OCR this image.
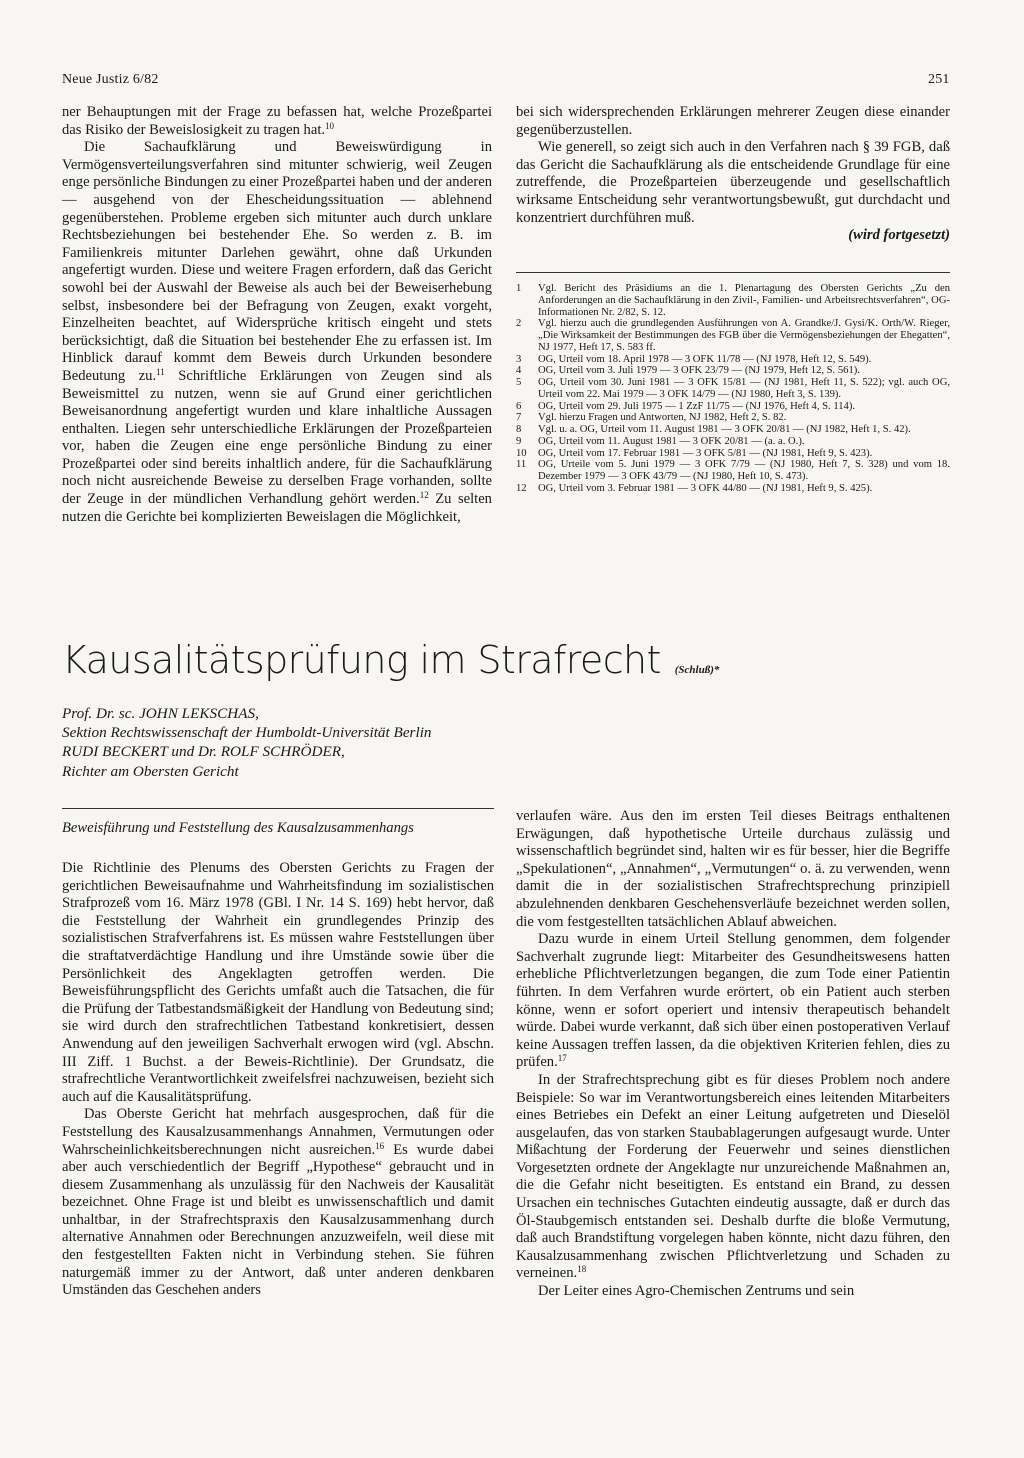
Neue Justiz 6/82	251

ner Behauptungen mit der Frage zu befassen hat, welche Prozeßpartei das Risiko der Beweislosigkeit zu tragen hat.$^{10}$

Die Sachaufklärung und Beweiswürdigung in Vermögensverteilungsverfahren sind mitunter schwierig, weil Zeugen enge persönliche Bindungen zu einer Prozeßpartei haben und der anderen — ausgehend von der Ehescheidungssituation — ablehnend gegenüberstehen. Probleme ergeben sich mitunter auch durch unklare Rechtsbeziehungen bei bestehender Ehe. So werden z. B. im Familienkreis mitunter Darlehen gewährt, ohne daß Urkunden angefertigt wurden. Diese und weitere Fragen erfordern, daß das Gericht sowohl bei der Auswahl der Beweise als auch bei der Beweiserhebung selbst, insbesondere bei der Befragung von Zeugen, exakt vorgeht, Einzelheiten beachtet, auf Widersprüche kritisch eingeht und stets berücksichtigt, daß die Situation bei bestehender Ehe zu erfassen ist. Im Hinblick darauf kommt dem Beweis durch Urkunden besondere Bedeutung zu.$^{11}$ Schriftliche Erklärungen von Zeugen sind als Beweismittel zu nutzen, wenn sie auf Grund einer gerichtlichen Beweisanordnung angefertigt wurden und klare inhaltliche Aussagen enthalten. Liegen sehr unterschiedliche Erklärungen der Prozeßparteien vor, haben die Zeugen eine enge persönliche Bindung zu einer Prozeßpartei oder sind bereits inhaltlich andere, für die Sachaufklärung noch nicht ausreichende Beweise zu derselben Frage vorhanden, sollte der Zeuge in der mündlichen Verhandlung gehört werden.$^{12}$ Zu selten nutzen die Gerichte bei komplizierten Beweislagen die Möglichkeit,

bei sich widersprechenden Erklärungen mehrerer Zeugen diese einander gegenüberzustellen.

Wie generell, so zeigt sich auch in den Verfahren nach § 39 FGB, daß das Gericht die Sachaufklärung als die entscheidende Grundlage für eine zutreffende, die Prozeßparteien überzeugende und gesellschaftlich wirksame Entscheidung sehr verantwortungsbewußt, gut durchdacht und konzentriert durchführen muß.

(wird fortgesetzt)

1	Vgl. Bericht des Präsidiums an die 1. Plenartagung des Obersten Gerichts „Zu den Anforderungen an die Sachaufklärung in den Zivil-, Familien- und Arbeitsrechtsverfahren“, OG-Informationen Nr. 2/82, S. 12.
2	Vgl. hierzu auch die grundlegenden Ausführungen von A. Grandke/J. Gysi/K. Orth/W. Rieger, „Die Wirksamkeit der Bestimmungen des FGB über die Vermögensbeziehungen der Ehegatten“, NJ 1977, Heft 17, S. 583 ff.
3	OG, Urteil vom 18. April 1978 — 3 OFK 11/78 — (NJ 1978, Heft 12, S. 549).
4	OG, Urteil vom 3. Juli 1979 — 3 OFK 23/79 — (NJ 1979, Heft 12, S. 561).
5	OG, Urteil vom 30. Juni 1981 — 3 OFK 15/81 — (NJ 1981, Heft 11, S. 522); vgl. auch OG, Urteil vom 22. Mai 1979 — 3 OFK 14/79 — (NJ 1980, Heft 3, S. 139).
6	OG, Urteil vom 29. Juli 1975 — 1 ZzF 11/75 — (NJ 1976, Heft 4, S. 114).
7	Vgl. hierzu Fragen und Antworten, NJ 1982, Heft 2, S. 82.
8	Vgl. u. a. OG, Urteil vom 11. August 1981 — 3 OFK 20/81 — (NJ 1982, Heft 1, S. 42).
9	OG, Urteil vom 11. August 1981 — 3 OFK 20/81 — (a. a. O.).
10	OG, Urteil vom 17. Februar 1981 — 3 OFK 5/81 — (NJ 1981, Heft 9, S. 423).
11	OG, Urteile vom 5. Juni 1979 — 3 OFK 7/79 — (NJ 1980, Heft 7, S. 328) und vom 18. Dezember 1979 — 3 OFK 43/79 — (NJ 1980, Heft 10, S. 473).
12	OG, Urteil vom 3. Februar 1981 — 3 OFK 44/80 — (NJ 1981, Heft 9, S. 425).
Kausalitätsprüfung im Strafrecht (Schluß)*
Prof. Dr. sc. JOHN LEKSCHAS,
Sektion Rechtswissenschaft der Humboldt-Universität Berlin
RUDI BECKERT und Dr. ROLF SCHRÖDER,
Richter am Obersten Gericht
Beweisführung und Feststellung des Kausalzusammenhangs

Die Richtlinie des Plenums des Obersten Gerichts zu Fragen der gerichtlichen Beweisaufnahme und Wahrheitsfindung im sozialistischen Strafprozeß vom 16. März 1978 (GBl. I Nr. 14 S. 169) hebt hervor, daß die Feststellung der Wahrheit ein grundlegendes Prinzip des sozialistischen Strafverfahrens ist. Es müssen wahre Feststellungen über die straftatverdächtige Handlung und ihre Umstände sowie über die Persönlichkeit des Angeklagten getroffen werden. Die Beweisführungspflicht des Gerichts umfaßt auch die Tatsachen, die für die Prüfung der Tatbestandsmäßigkeit der Handlung von Bedeutung sind; sie wird durch den strafrechtlichen Tatbestand konkretisiert, dessen Anwendung auf den jeweiligen Sachverhalt erwogen wird (vgl. Abschn. III Ziff. 1 Buchst. a der Beweis-Richtlinie). Der Grundsatz, die strafrechtliche Verantwortlichkeit zweifelsfrei nachzuweisen, bezieht sich auch auf die Kausalitätsprüfung.

Das Oberste Gericht hat mehrfach ausgesprochen, daß für die Feststellung des Kausalzusammenhangs Annahmen, Vermutungen oder Wahrscheinlichkeitsberechnungen nicht ausreichen.$^{16}$ Es wurde dabei aber auch verschiedentlich der Begriff „Hypothese“ gebraucht und in diesem Zusammenhang als unzulässig für den Nachweis der Kausalität bezeichnet. Ohne Frage ist und bleibt es unwissenschaftlich und damit unhaltbar, in der Strafrechtspraxis den Kausalzusammenhang durch alternative Annahmen oder Berechnungen anzuzweifeln, weil diese mit den festgestellten Fakten nicht in Verbindung stehen. Sie führen naturgemäß immer zu der Antwort, daß unter anderen denkbaren Umständen das Geschehen anders

verlaufen wäre. Aus den im ersten Teil dieses Beitrags enthaltenen Erwägungen, daß hypothetische Urteile durchaus zulässig und wissenschaftlich begründet sind, halten wir es für besser, hier die Begriffe „Spekulationen“, „Annahmen“, „Vermutungen“ o. ä. zu verwenden, wenn damit die in der sozialistischen Strafrechtsprechung prinzipiell abzulehnenden denkbaren Geschehensverläufe bezeichnet werden sollen, die vom festgestellten tatsächlichen Ablauf abweichen.

Dazu wurde in einem Urteil Stellung genommen, dem folgender Sachverhalt zugrunde liegt: Mitarbeiter des Gesundheitswesens hatten erhebliche Pflichtverletzungen begangen, die zum Tode einer Patientin führten. In dem Verfahren wurde erörtert, ob ein Patient auch sterben könne, wenn er sofort operiert und intensiv therapeutisch behandelt würde. Dabei wurde verkannt, daß sich über einen postoperativen Verlauf keine Aussagen treffen lassen, da die objektiven Kriterien fehlen, dies zu prüfen.$^{17}$

In der Strafrechtsprechung gibt es für dieses Problem noch andere Beispiele: So war im Verantwortungsbereich eines leitenden Mitarbeiters eines Betriebes ein Defekt an einer Leitung aufgetreten und Dieselöl ausgelaufen, das von starken Staubablagerungen aufgesaugt wurde. Unter Mißachtung der Forderung der Feuerwehr und seines dienstlichen Vorgesetzten ordnete der Angeklagte nur unzureichende Maßnahmen an, die die Gefahr nicht beseitigten. Es entstand ein Brand, zu dessen Ursachen ein technisches Gutachten eindeutig aussagte, daß er durch das Öl-Staubgemisch entstanden sei. Deshalb durfte die bloße Vermutung, daß auch Brandstiftung vorgelegen haben könnte, nicht dazu führen, den Kausalzusammenhang zwischen Pflichtverletzung und Schaden zu verneinen.$^{18}$

Der Leiter eines Agro-Chemischen Zentrums und sein
